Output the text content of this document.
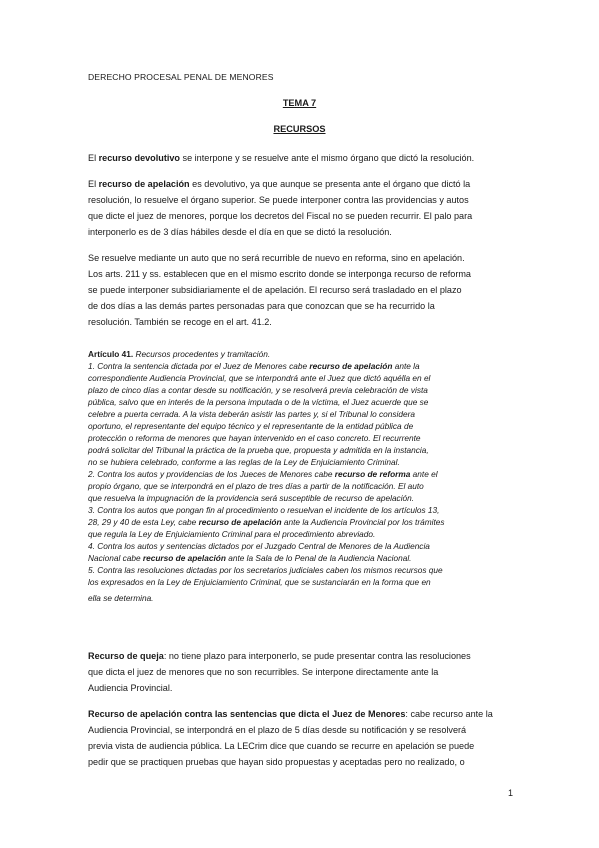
DERECHO PROCESAL PENAL DE MENORES
TEMA 7
RECURSOS
El recurso devolutivo se interpone y se resuelve ante el mismo órgano que dictó la resolución.
El recurso de apelación es devolutivo, ya que aunque se presenta ante el órgano que dictó la
resolución, lo resuelve el órgano superior. Se puede interponer contra las providencias y autos
que dicte el juez de menores, porque los decretos del Fiscal no se pueden recurrir. El palo para
interponerlo es de 3 días hábiles desde el día en que se dictó la resolución.
Se resuelve mediante un auto que no será recurrible de nuevo en reforma, sino en apelación.
Los arts. 211 y ss. establecen que en el mismo escrito donde se interponga recurso de reforma
se puede interponer subsidiariamente el de apelación. El recurso será trasladado en el plazo
de dos días a las demás partes personadas para que conozcan que se ha recurrido la
resolución. También se recoge en el art. 41.2.
Artículo 41. Recursos procedentes y tramitación.
1. Contra la sentencia dictada por el Juez de Menores cabe recurso de apelación ante la
correspondiente Audiencia Provincial, que se interpondrá ante el Juez que dictó aquélla en el
plazo de cinco días a contar desde su notificación, y se resolverá previa celebración de vista
pública, salvo que en interés de la persona imputada o de la víctima, el Juez acuerde que se
celebre a puerta cerrada. A la vista deberán asistir las partes y, si el Tribunal lo considera
oportuno, el representante del equipo técnico y el representante de la entidad pública de
protección o reforma de menores que hayan intervenido en el caso concreto. El recurrente
podrá solicitar del Tribunal la práctica de la prueba que, propuesta y admitida en la instancia,
no se hubiera celebrado, conforme a las reglas de la Ley de Enjuiciamiento Criminal.
2. Contra los autos y providencias de los Jueces de Menores cabe recurso de reforma ante el
propio órgano, que se interpondrá en el plazo de tres días a partir de la notificación. El auto
que resuelva la impugnación de la providencia será susceptible de recurso de apelación.
3. Contra los autos que pongan fin al procedimiento o resuelvan el incidente de los artículos 13,
28, 29 y 40 de esta Ley, cabe recurso de apelación ante la Audiencia Provincial por los trámites
que regula la Ley de Enjuiciamiento Criminal para el procedimiento abreviado.
4. Contra los autos y sentencias dictados por el Juzgado Central de Menores de la Audiencia
Nacional cabe recurso de apelación ante la Sala de lo Penal de la Audiencia Nacional.
5. Contra las resoluciones dictadas por los secretarios judiciales caben los mismos recursos que
los expresados en la Ley de Enjuiciamiento Criminal, que se sustanciarán en la forma que en
ella se determina.
Recurso de queja: no tiene plazo para interponerlo, se pude presentar contra las resoluciones
que dicta el juez de menores que no son recurribles. Se interpone directamente ante la
Audiencia Provincial.
Recurso de apelación contra las sentencias que dicta el Juez de Menores: cabe recurso ante la
Audiencia Provincial, se interpondrá en el plazo de 5 días desde su notificación y se resolverá
previa vista de audiencia pública. La LECrim dice que cuando se recurre en apelación se puede
pedir que se practiquen pruebas que hayan sido propuestas y aceptadas pero no realizado, o
1
